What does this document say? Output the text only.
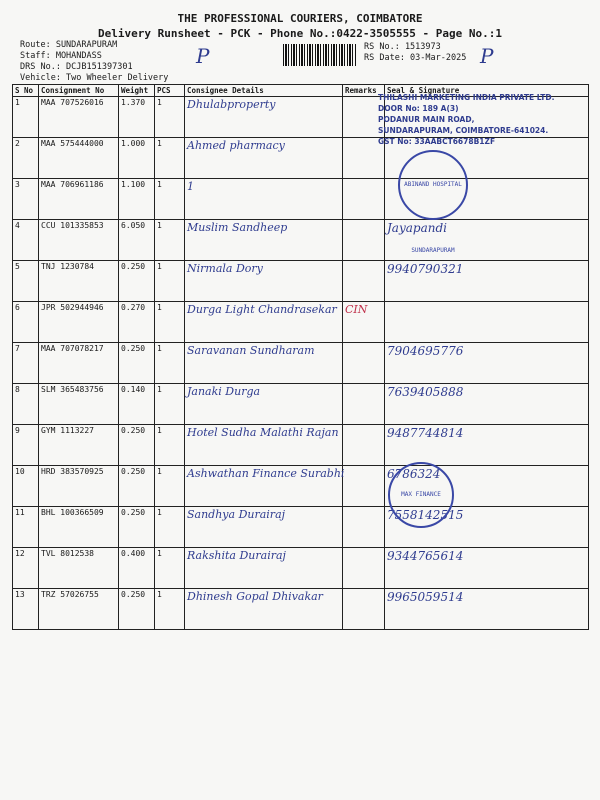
THE PROFESSIONAL COURIERS, COIMBATORE
Delivery Runsheet - PCK - Phone No.:0422-3505555 - Page No.:1
Route: SUNDARAPURAM
Staff: MOHANDASS
DRS No.: DCJB151397301
Vehicle: Two Wheeler Delivery
RS No.: 1513973
RS Date: 03-Mar-2025
P	P
S No	Consignment No	Weight	PCS	Consignee Details	Remarks	Seal & Signature
1	MAA 707526016	1.370	1	Dhulabproperty		
2	MAA 575444000	1.000	1	Ahmed pharmacy		
3	MAA 706961186	1.100	1	1		
4	CCU 101335853	6.050	1	Muslim Sandheep		Jayapandi
5	TNJ 1230784	0.250	1	Nirmala Dory		9940790321
6	JPR 502944946	0.270	1	Durga Light Chandrasekar	CIN	
7	MAA 707078217	0.250	1	Saravanan Sundharam		7904695776
8	SLM 365483756	0.140	1	Janaki Durga		7639405888
9	GYM 1113227	0.250	1	Hotel Sudha Malathi Rajan		9487744814
10	HRD 383570925	0.250	1	Ashwathan Finance Surabhi		6786324
11	BHL 100366509	0.250	1	Sandhya Durairaj		7558142515
12	TVL 8012538	0.400	1	Rakshita Durairaj		9344765614
13	TRZ 57026755	0.250	1	Dhinesh Gopal Dhivakar		9965059514
THILASHI MARKETING INDIA PRIVATE LTD.
DOOR No: 189 A(3)
PODANUR MAIN ROAD,
SUNDARAPURAM, COIMBATORE-641024.
GST No: 33AABCT6678B1ZF
ABINAND HOSPITAL SUNDARAPURAM
MAX FINANCE
